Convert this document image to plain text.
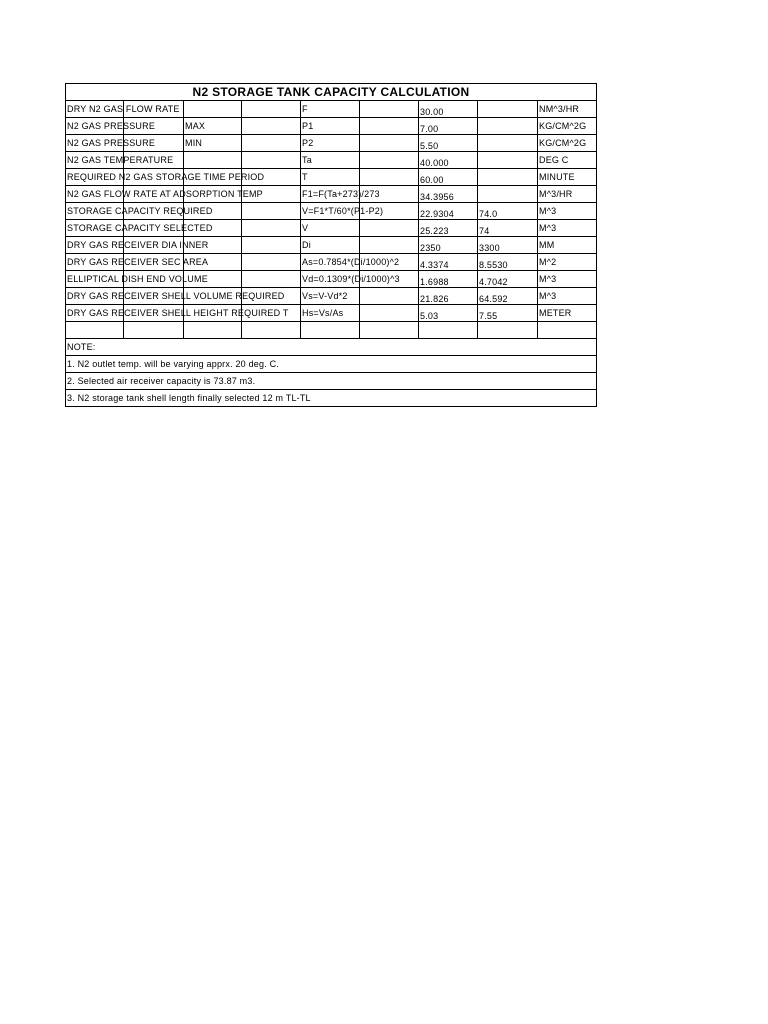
N2 STORAGE TANK CAPACITY CALCULATION								
DRY N2 GAS FLOW RATE				F		30.00		NM^3/HR
N2 GAS PRESSURE		MAX		P1		7.00		KG/CM^2G
N2 GAS PRESSURE		MIN		P2		5.50		KG/CM^2G
N2 GAS TEMPERATURE				Ta		40.000		DEG C
REQUIRED N2 GAS STORAGE TIME PERIOD				T		60.00		MINUTE
N2 GAS FLOW RATE AT ADSORPTION TEMP				F1=F(Ta+273)/273		34.3956		M^3/HR
STORAGE CAPACITY REQUIRED				V=F1*T/60*(P1-P2)		22.9304	74.0	M^3
STORAGE CAPACITY SELECTED				V		25.223	74	M^3
DRY GAS RECEIVER DIA INNER				Di		2350	3300	MM
DRY GAS RECEIVER SEC AREA				As=0.7854*(Di/1000)^2		4.3374	8.5530	M^2
ELLIPTICAL DISH END VOLUME				Vd=0.1309*(Di/1000)^3		1.6988	4.7042	M^3
DRY GAS RECEIVER SHELL VOLUME REQUIRED				Vs=V-Vd*2		21.826	64.592	M^3
DRY GAS RECEIVER SHELL HEIGHT REQUIRED T				Hs=Vs/As		5.03	7.55	METER

NOTE:								
1. N2 outlet temp. will be varying apprx. 20 deg. C.								
2. Selected air receiver capacity is 73.87 m3.								
3. N2 storage tank shell length finally selected 12 m TL-TL								
